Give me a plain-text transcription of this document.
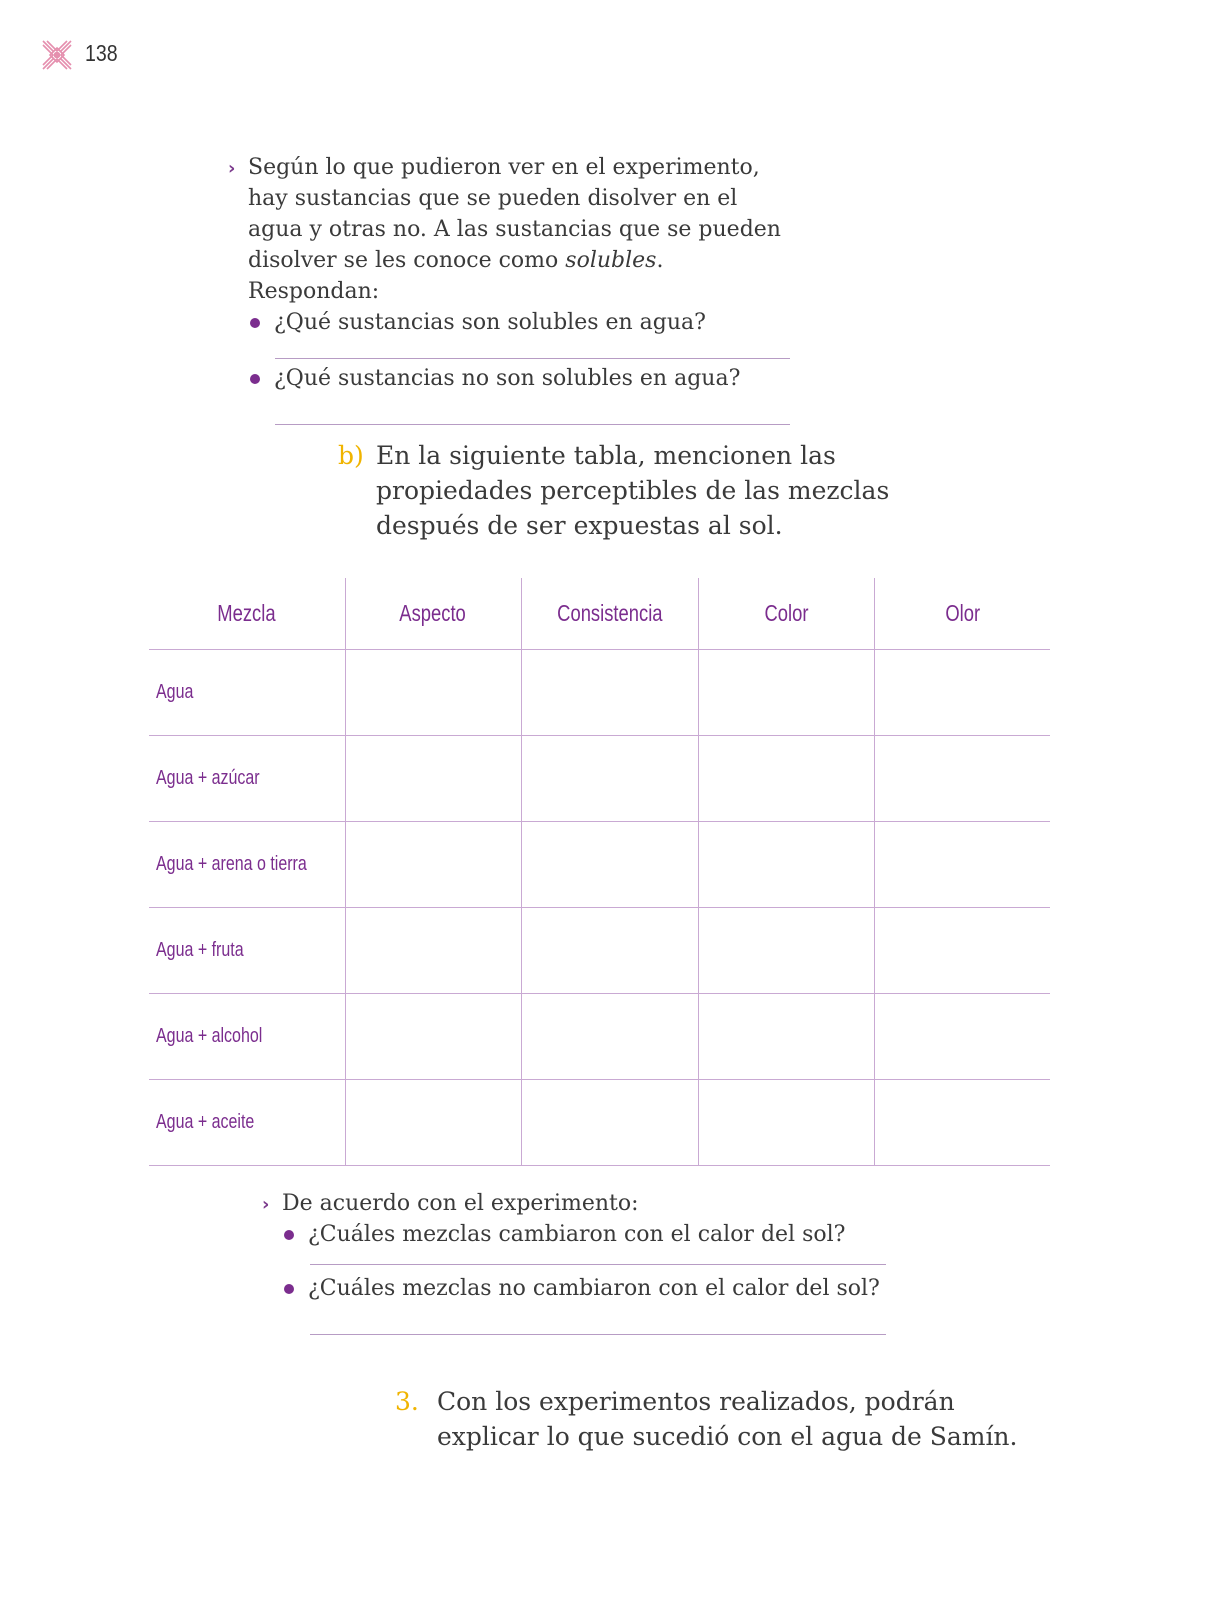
138

› Según lo que pudieron ver en el experimento, hay sustancias que se pueden disolver en el agua y otras no. A las sustancias que se pueden disolver se les conoce como solubles. Respondan:

¿Qué sustancias son solubles en agua?
¿Qué sustancias no son solubles en agua?
b) En la siguiente tabla, mencionen las propiedades perceptibles de las mezclas después de ser expuestas al sol.
Mezcla	Aspecto	Consistencia	Color	Olor
Agua				
Agua + azúcar				
Agua + arena o tierra				
Agua + fruta				
Agua + alcohol				
Agua + aceite				

› De acuerdo con el experimento:

¿Cuáles mezclas cambiaron con el calor del sol?
¿Cuáles mezclas no cambiaron con el calor del sol?
3. Con los experimentos realizados, podrán explicar lo que sucedió con el agua de Samín.
